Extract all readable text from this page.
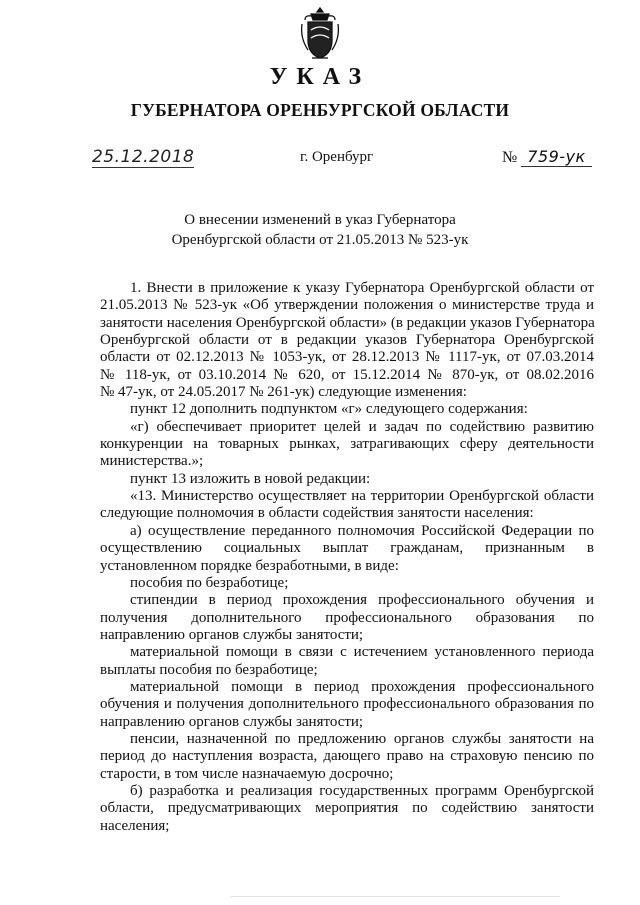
УКАЗ
ГУБЕРНАТОРА ОРЕНБУРГСКОЙ ОБЛАСТИ
25.12.2018	г. Оренбург	№ 759-ук
О внесении изменений в указ Губернатора
Оренбургской области от 21.05.2013 № 523-ук
1. Внести в приложение к указу Губернатора Оренбургской области от
21.05.2013 № 523-ук «Об утверждении положения о министерстве труда и
занятости населения Оренбургской области» (в редакции указов Губернатора
Оренбургской области от в редакции указов Губернатора Оренбургской
области от 02.12.2013 № 1053-ук, от 28.12.2013 № 1117-ук, от 07.03.2014
№ 118-ук, от 03.10.2014 № 620, от 15.12.2014 № 870-ук, от 08.02.2016
№ 47-ук, от 24.05.2017 № 261-ук) следующие изменения:
пункт 12 дополнить подпунктом «г» следующего содержания:
«г) обеспечивает приоритет целей и задач по содействию развитию
конкуренции на товарных рынках, затрагивающих сферу деятельности
министерства.»;
пункт 13 изложить в новой редакции:
«13. Министерство осуществляет на территории Оренбургской области
следующие полномочия в области содействия занятости населения:
а) осуществление переданного полномочия Российской Федерации по
осуществлению социальных выплат гражданам, признанным в
установленном порядке безработными, в виде:
пособия по безработице;
стипендии в период прохождения профессионального обучения и
получения дополнительного профессионального образования по
направлению органов службы занятости;
материальной помощи в связи с истечением установленного периода
выплаты пособия по безработице;
материальной помощи в период прохождения профессионального
обучения и получения дополнительного профессионального образования по
направлению органов службы занятости;
пенсии, назначенной по предложению органов службы занятости на
период до наступления возраста, дающего право на страховую пенсию по
старости, в том числе назначаемую досрочно;
б) разработка и реализация государственных программ Оренбургской
области, предусматривающих мероприятия по содействию занятости
населения;
